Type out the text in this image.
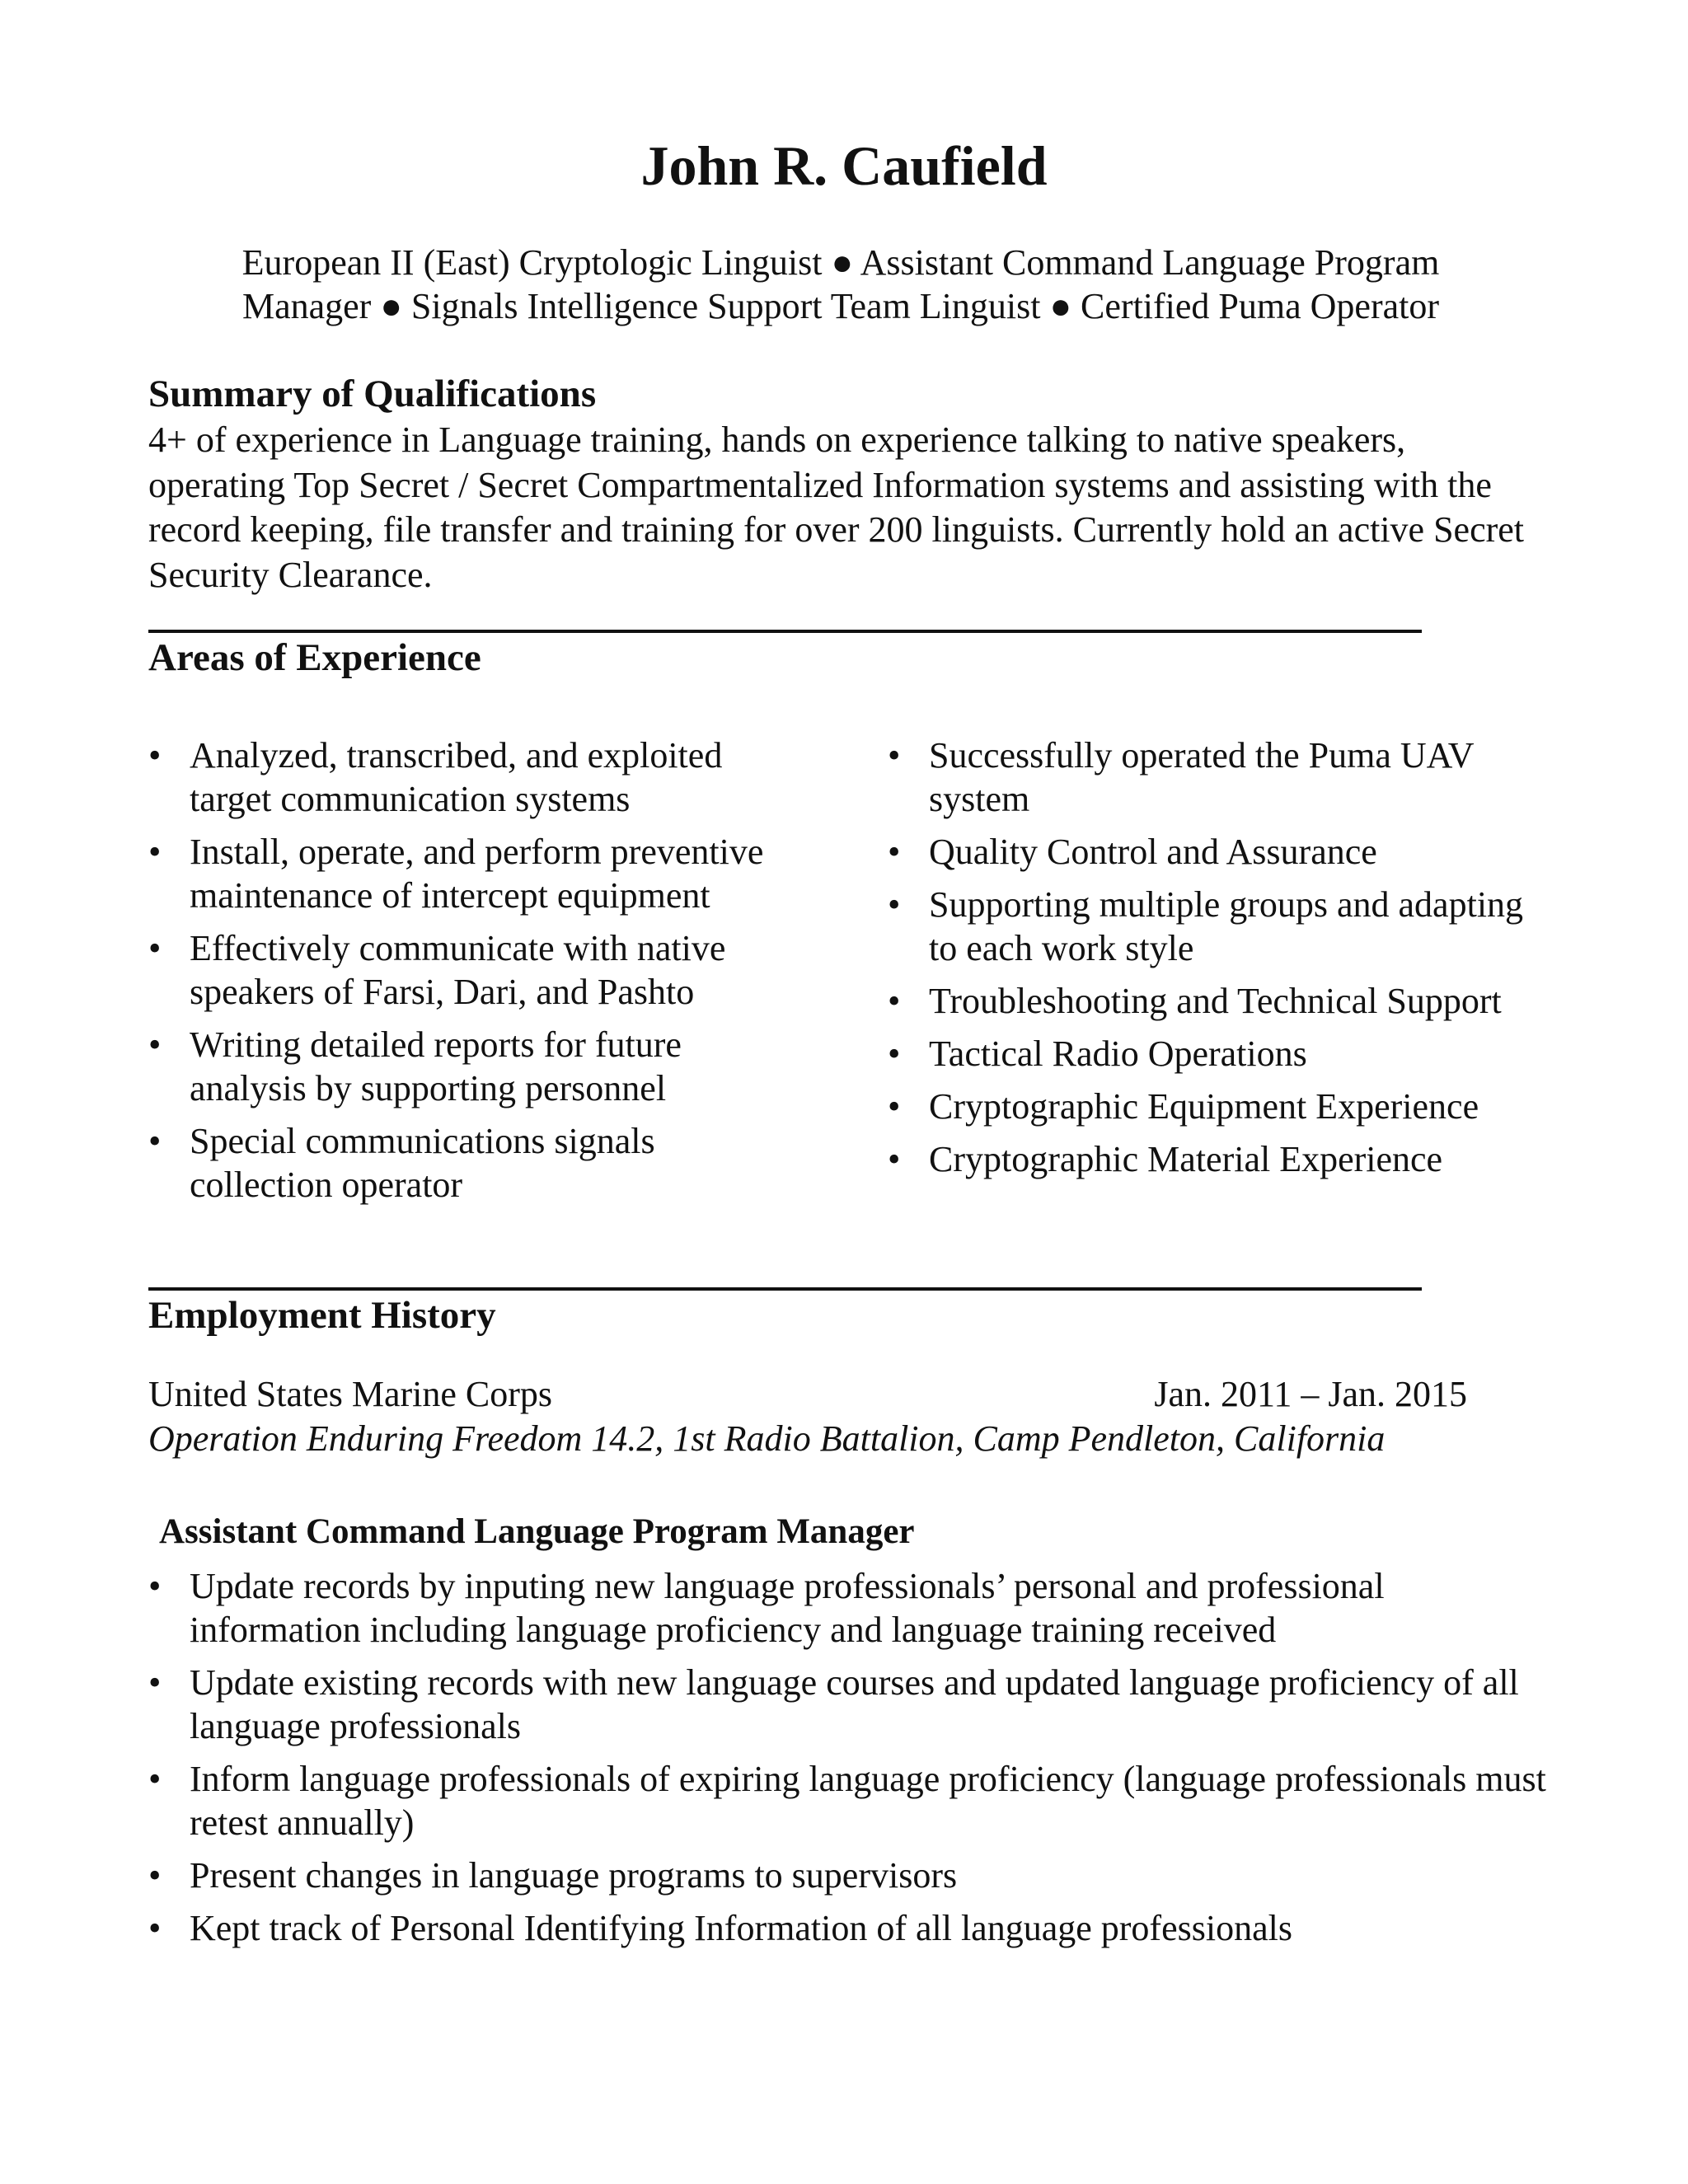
John R. Caufield
European II (East) Cryptologic Linguist ● Assistant Command Language Program Manager ● Signals Intelligence Support Team Linguist ● Certified Puma Operator
Summary of Qualifications
4+ of experience in Language training, hands on experience talking to native speakers, operating Top Secret / Secret Compartmentalized Information systems and assisting with the record keeping, file transfer and training for over 200 linguists. Currently hold an active Secret Security Clearance.
Areas of Experience
• Analyzed, transcribed, and exploited target communication systems
• Install, operate, and perform preventive maintenance of intercept equipment
• Effectively communicate with native speakers of Farsi, Dari, and Pashto
• Writing detailed reports for future analysis by supporting personnel
• Special communications signals collection operator
• Successfully operated the Puma UAV system
• Quality Control and Assurance
• Supporting multiple groups and adapting to each work style
• Troubleshooting and Technical Support
• Tactical Radio Operations
• Cryptographic Equipment Experience
• Cryptographic Material Experience
Employment History
United States Marine Corps	Jan. 2011 – Jan. 2015
Operation Enduring Freedom 14.2, 1st Radio Battalion, Camp Pendleton, California
Assistant Command Language Program Manager
• Update records by inputing new language professionals’ personal and professional information including language proficiency and language training received
• Update existing records with new language courses and updated language proficiency of all language professionals
• Inform language professionals of expiring language proficiency (language professionals must retest annually)
• Present changes in language programs to supervisors
• Kept track of Personal Identifying Information of all language professionals
